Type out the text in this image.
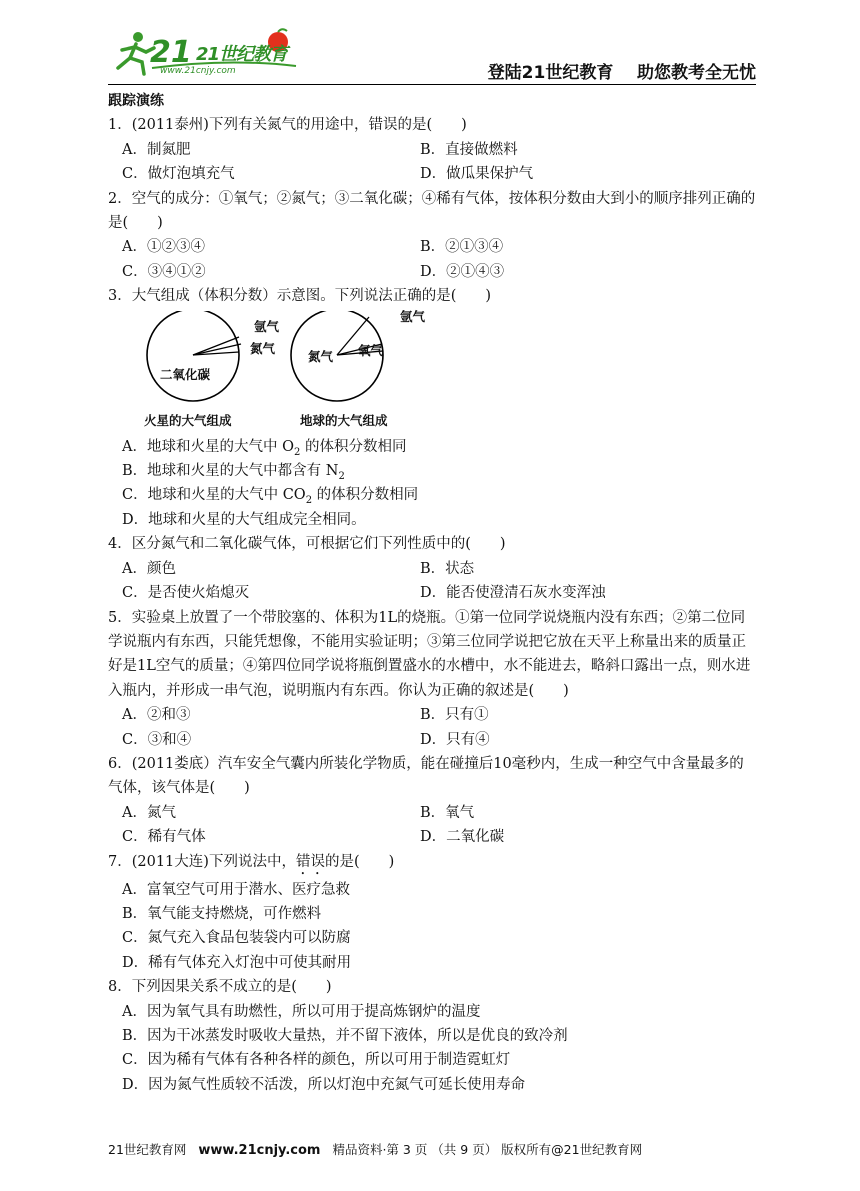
21 21世纪教育
www.21cnjy.com	登陆21世纪教育    助您教考全无忧
跟踪演练

1．(2011泰州)下列有关氮气的用途中，错误的是(　　)

A．制氮肥	B．直接做燃料
C．做灯泡填充气	D．做瓜果保护气

2．空气的成分：①氧气；②氮气；③二氧化碳；④稀有气体，按体积分数由大到小的顺序排列正确的是(　　)

A．①②③④	B．②①③④
C．③④①②	D．②①④③

3．大气组成（体积分数）示意图。下列说法正确的是(　　)

氩气
氮气
二氧化碳
火星的大气组成
氩气
氧气
氮气
地球的大气组成
A．地球和火星的大气中 $O_2$ 的体积分数相同
B．地球和火星的大气中都含有 $N_2$
C．地球和火星的大气中 $CO_2$ 的体积分数相同
D．地球和火星的大气组成完全相同。

4．区分氮气和二氧化碳气体，可根据它们下列性质中的(　　)

A．颜色	B．状态
C．是否使火焰熄灭	D．能否使澄清石灰水变浑浊

5．实验桌上放置了一个带胶塞的、体积为1L的烧瓶。①第一位同学说烧瓶内没有东西；②第二位同学说瓶内有东西，只能凭想像，不能用实验证明；③第三位同学说把它放在天平上称量出来的质量正好是1L空气的质量；④第四位同学说将瓶倒置盛水的水槽中，水不能进去，略斜口露出一点，则水进入瓶内，并形成一串气泡，说明瓶内有东西。你认为正确的叙述是(　　)

A．②和③	B．只有①
C．③和④	D．只有④

6．(2011娄底）汽车安全气囊内所装化学物质，能在碰撞后10毫秒内，生成一种空气中含量最多的气体，该气体是(　　)

A．氮气	B．氧气
C．稀有气体	D．二氧化碳

7．(2011大连)下列说法中，错误的是(　　)

A．富氧空气可用于潜水、医疗急救
B．氧气能支持燃烧，可作燃料
C．氮气充入食品包装袋内可以防腐
D．稀有气体充入灯泡中可使其耐用

8．下列因果关系不成立的是(　　)

A．因为氧气具有助燃性，所以可用于提高炼钢炉的温度
B．因为干冰蒸发时吸收大量热，并不留下液体，所以是优良的致冷剂
C．因为稀有气体有各种各样的颜色，所以可用于制造霓虹灯
D．因为氮气性质较不活泼，所以灯泡中充氮气可延长使用寿命
21世纪教育网 www.21cnjy.com 精品资料·第 3 页 （共 9 页） 版权所有@21世纪教育网
